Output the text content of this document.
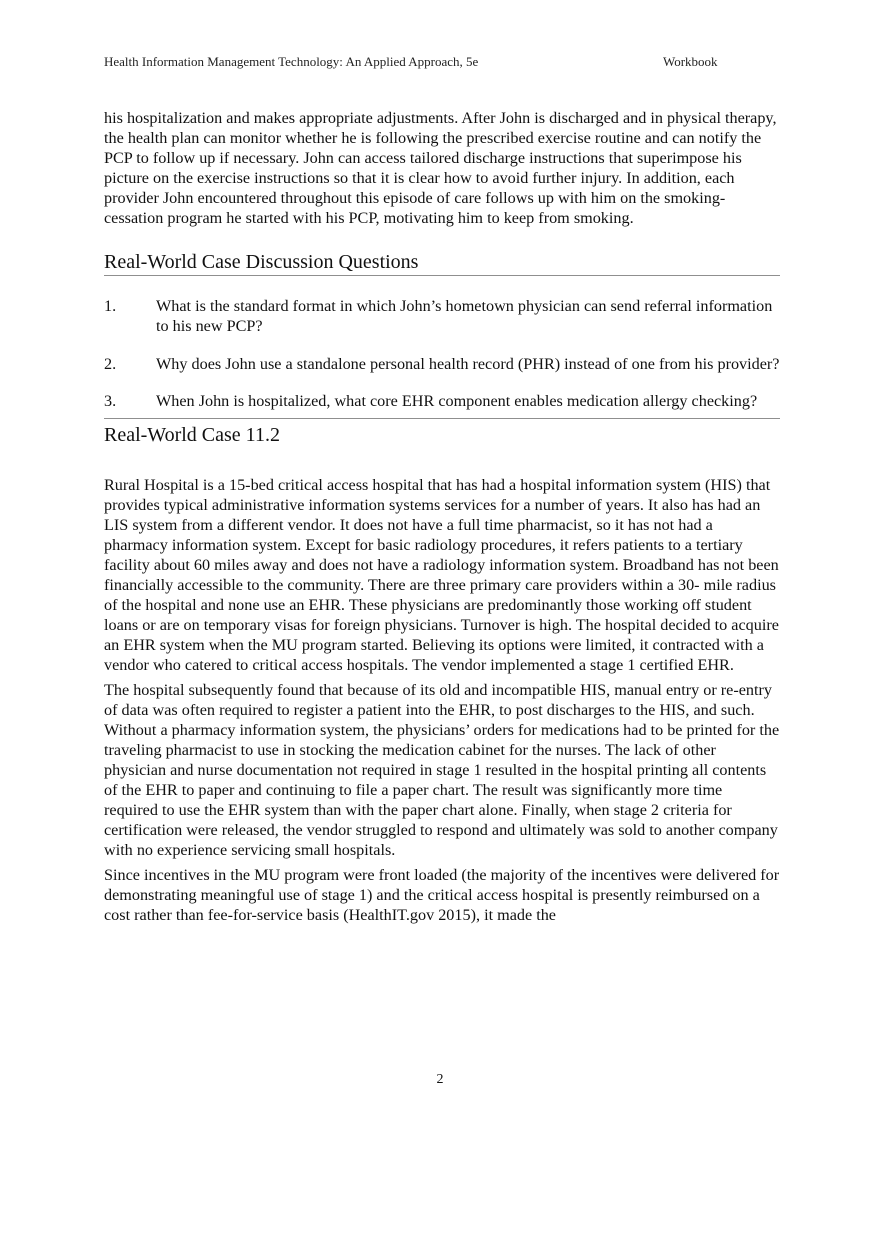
Health Information Management Technology: An Applied Approach, 5e	Workbook

his hospitalization and makes appropriate adjustments. After John is discharged and in physical therapy, the health plan can monitor whether he is following the prescribed exercise routine and can notify the PCP to follow up if necessary. John can access tailored discharge instructions that superimpose his picture on the exercise instructions so that it is clear how to avoid further injury. In addition, each provider John encountered throughout this episode of care follows up with him on the smoking-cessation program he started with his PCP, motivating him to keep from smoking.

Real-World Case Discussion Questions
1. What is the standard format in which John’s hometown physician can send referral information to his new PCP?
2. Why does John use a standalone personal health record (PHR) instead of one from his provider?
3. When John is hospitalized, what core EHR component enables medication allergy checking?
Real-World Case 11.2

Rural Hospital is a 15-bed critical access hospital that has had a hospital information system (HIS) that provides typical administrative information systems services for a number of years. It also has had an LIS system from a different vendor. It does not have a full time pharmacist, so it has not had a pharmacy information system. Except for basic radiology procedures, it refers patients to a tertiary facility about 60 miles away and does not have a radiology information system. Broadband has not been financially accessible to the community. There are three primary care providers within a 30- mile radius of the hospital and none use an EHR. These physicians are predominantly those working off student loans or are on temporary visas for foreign physicians. Turnover is high. The hospital decided to acquire an EHR system when the MU program started. Believing its options were limited, it contracted with a vendor who catered to critical access hospitals. The vendor implemented a stage 1 certified EHR.

The hospital subsequently found that because of its old and incompatible HIS, manual entry or re-entry of data was often required to register a patient into the EHR, to post discharges to the HIS, and such. Without a pharmacy information system, the physicians’ orders for medications had to be printed for the traveling pharmacist to use in stocking the medication cabinet for the nurses. The lack of other physician and nurse documentation not required in stage 1 resulted in the hospital printing all contents of the EHR to paper and continuing to file a paper chart. The result was significantly more time required to use the EHR system than with the paper chart alone. Finally, when stage 2 criteria for certification were released, the vendor struggled to respond and ultimately was sold to another company with no experience servicing small hospitals.

Since incentives in the MU program were front loaded (the majority of the incentives were delivered for demonstrating meaningful use of stage 1) and the critical access hospital is presently reimbursed on a cost rather than fee-for-service basis (HealthIT.gov 2015), it made the

2
